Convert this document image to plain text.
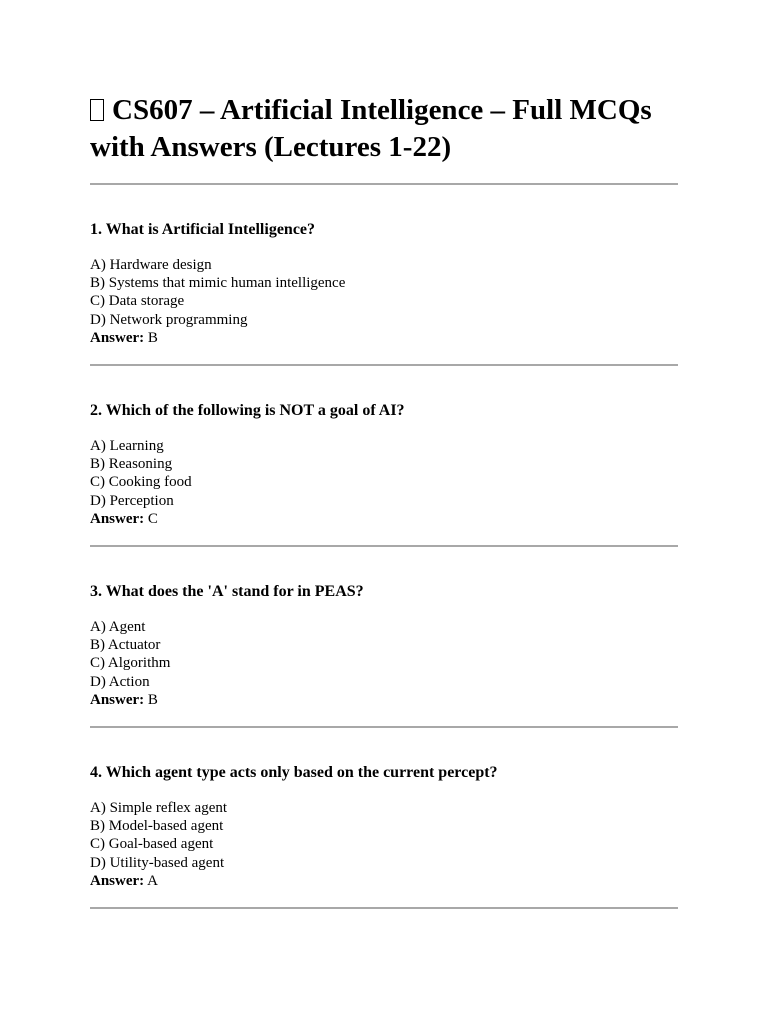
CS607 – Artificial Intelligence – Full MCQs with Answers (Lectures 1-22)

1. What is Artificial Intelligence?

A) Hardware design
B) Systems that mimic human intelligence
C) Data storage
D) Network programming
Answer: B

2. Which of the following is NOT a goal of AI?

A) Learning
B) Reasoning
C) Cooking food
D) Perception
Answer: C

3. What does the 'A' stand for in PEAS?

A) Agent
B) Actuator
C) Algorithm
D) Action
Answer: B

4. Which agent type acts only based on the current percept?

A) Simple reflex agent
B) Model-based agent
C) Goal-based agent
D) Utility-based agent
Answer: A
